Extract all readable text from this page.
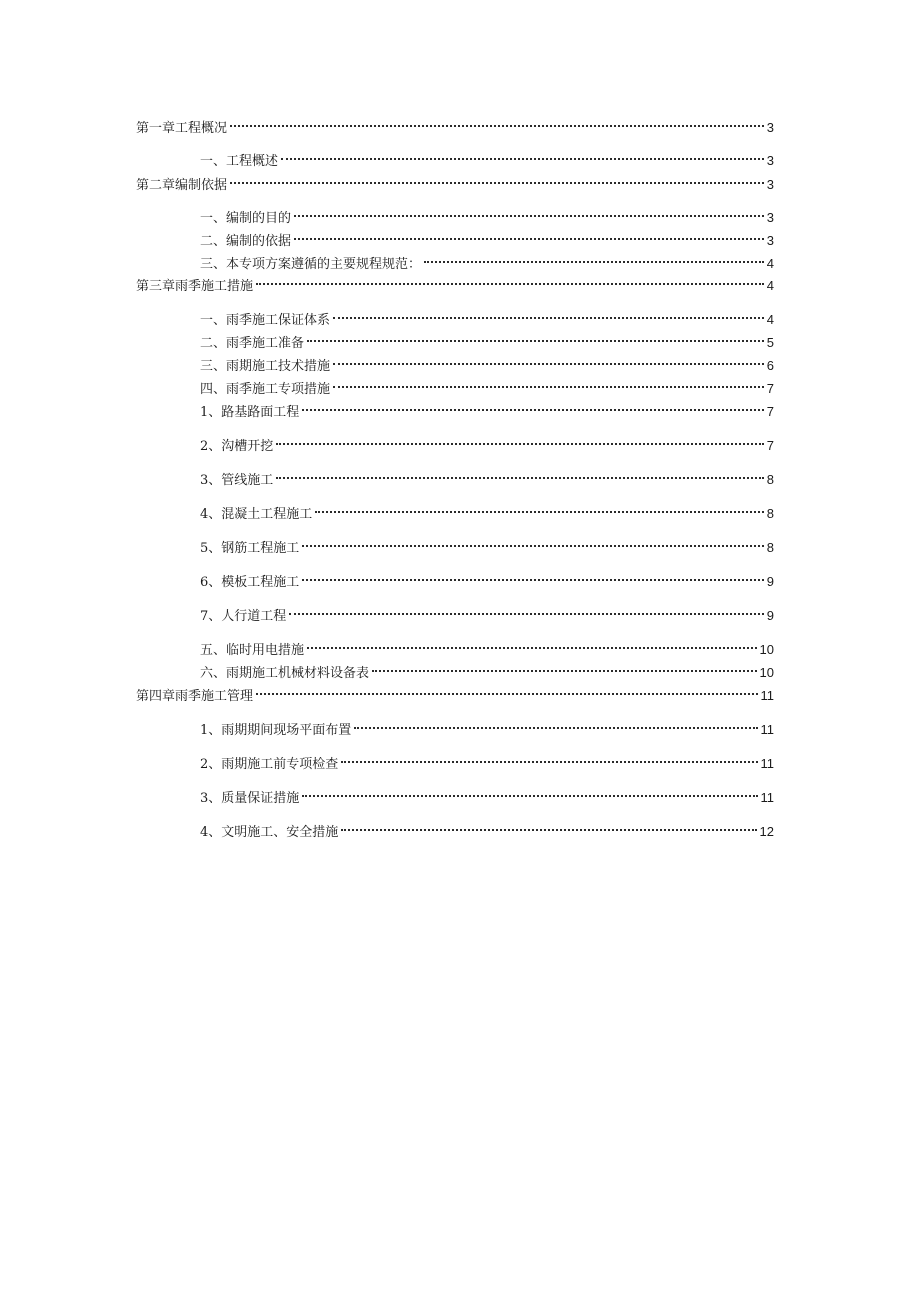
第一章工程概况	3
一、工程概述	3
第二章编制依据	3
一、编制的目的	3
二、编制的依据	3
三、本专项方案遵循的主要规程规范：	4
第三章雨季施工措施	4
一、雨季施工保证体系	4
二、雨季施工准备	5
三、雨期施工技术措施	6
四、雨季施工专项措施	7
1、路基路面工程	7
2、沟槽开挖	7
3、管线施工	8
4、混凝土工程施工	8
5、钢筋工程施工	8
6、模板工程施工	9
7、人行道工程	9
五、临时用电措施	10
六、雨期施工机械材料设备表	10
第四章雨季施工管理	11
1、雨期期间现场平面布置	11
2、雨期施工前专项检查	11
3、质量保证措施	11
4、文明施工、安全措施	12
